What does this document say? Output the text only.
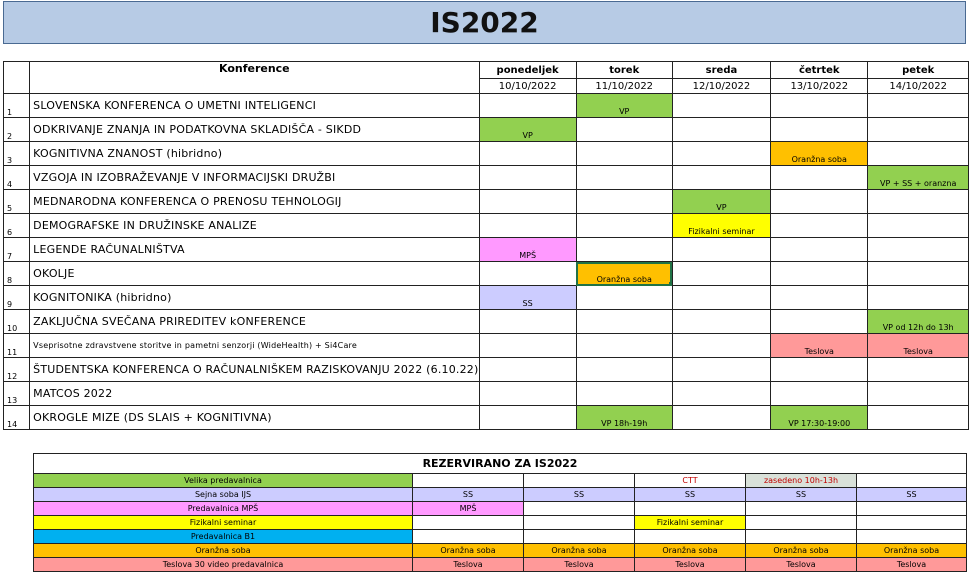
IS2022
	Konference	ponedeljek	torek	sreda	četrtek	petek
		10/10/2022	11/10/2022	12/10/2022	13/10/2022	14/10/2022
1	SLOVENSKA KONFERENCA O UMETNI INTELIGENCI		VP			
2	ODKRIVANJE ZNANJA IN PODATKOVNA SKLADIŠČA - SIKDD	VP				
3	KOGNITIVNA ZNANOST (hibridno)				Oranžna soba	
4	VZGOJA IN IZOBRAŽEVANJE V INFORMACIJSKI DRUŽBI					VP + SS + oranzna
5	MEDNARODNA KONFERENCA O PRENOSU TEHNOLOGIJ			VP		
6	DEMOGRAFSKE IN DRUŽINSKE ANALIZE			Fizikalni seminar		
7	LEGENDE RAČUNALNIŠTVA	MPŠ				
8	OKOLJE		Oranžna soba

9	KOGNITONIKA (hibridno)	SS				
10	ZAKLJUČNA SVEČANA PRIREDITEV kONFERENCE					VP od 12h do 13h
11	Vseprisotne zdravstvene storitve in pametni senzorji (WideHealth) + Si4Care				Teslova	Teslova
12	ŠTUDENTSKA KONFERENCA O RAČUNALNIŠKEM RAZISKOVANJU 2022 (6.10.22)					
13	MATCOS 2022					
14	OKROGLE MIZE (DS SLAIS + KOGNITIVNA)		VP 18h-19h		VP 17:30-19:00	
REZERVIRANO ZA IS2022					
Velika predavalnica			CTT	zasedeno 10h-13h	
Sejna soba IJS	SS	SS	SS	SS	SS
Predavalnica MPŠ	MPŠ				
Fizikalni seminar			Fizikalni seminar		
Predavalnica B1					
Oranžna soba	Oranžna soba	Oranžna soba	Oranžna soba	Oranžna soba	Oranžna soba
Teslova 30 video predavalnica	Teslova	Teslova	Teslova	Teslova	Teslova
